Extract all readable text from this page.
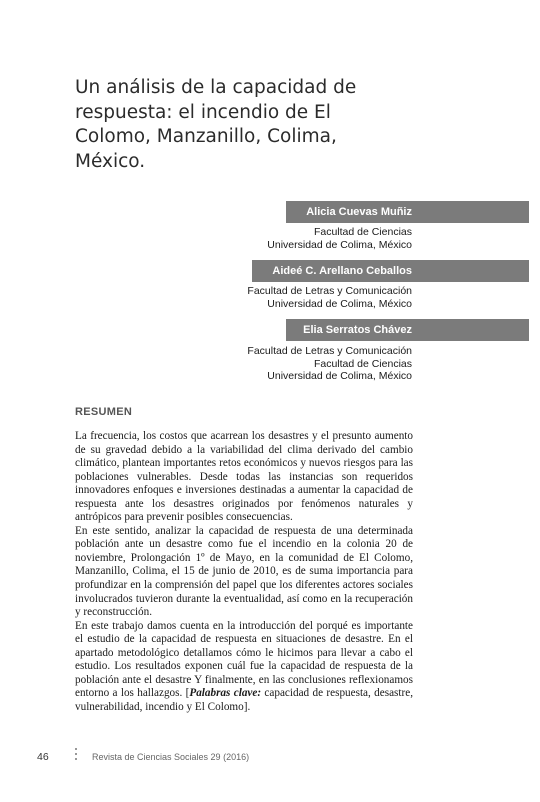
Un análisis de la capacidad de respuesta: el incendio de El Colomo, Manzanillo, Colima, México.
Alicia Cuevas Muñiz
Facultad de Ciencias
Universidad de Colima, México
Aideé C. Arellano Ceballos
Facultad de Letras y Comunicación
Universidad de Colima, México
Elia Serratos Chávez
Facultad de Letras y Comunicación
Facultad de Ciencias
Universidad de Colima, México
RESUMEN

La frecuencia, los costos que acarrean los desastres y el presunto aumento de su gravedad debido a la variabilidad del clima derivado del cambio climático, plantean importantes retos económicos y nuevos riesgos para las poblaciones vulnerables. Desde todas las instancias son requeridos innovadores enfoques e inversiones destinadas a aumentar la capacidad de respuesta ante los desastres originados por fenómenos naturales y antrópicos para prevenir posibles consecuencias.

En este sentido, analizar la capacidad de respuesta de una determinada población ante un desastre como fue el incendio en la colonia 20 de noviembre, Prolongación 1º de Mayo, en la comunidad de El Colomo, Manzanillo, Colima, el 15 de junio de 2010, es de suma importancia para profundizar en la comprensión del papel que los diferentes actores sociales involucrados tuvieron durante la eventualidad, así como en la recuperación y reconstrucción.

En este trabajo damos cuenta en la introducción del porqué es importante el estudio de la capacidad de respuesta en situaciones de desastre. En el apartado metodológico detallamos cómo le hicimos para llevar a cabo el estudio. Los resultados exponen cuál fue la capacidad de respuesta de la población ante el desastre Y finalmente, en las conclusiones reflexionamos entorno a los hallazgos. [Palabras clave: capacidad de respuesta, desastre, vulnerabilidad, incendio y El Colomo].

46	Revista de Ciencias Sociales 29 (2016)
